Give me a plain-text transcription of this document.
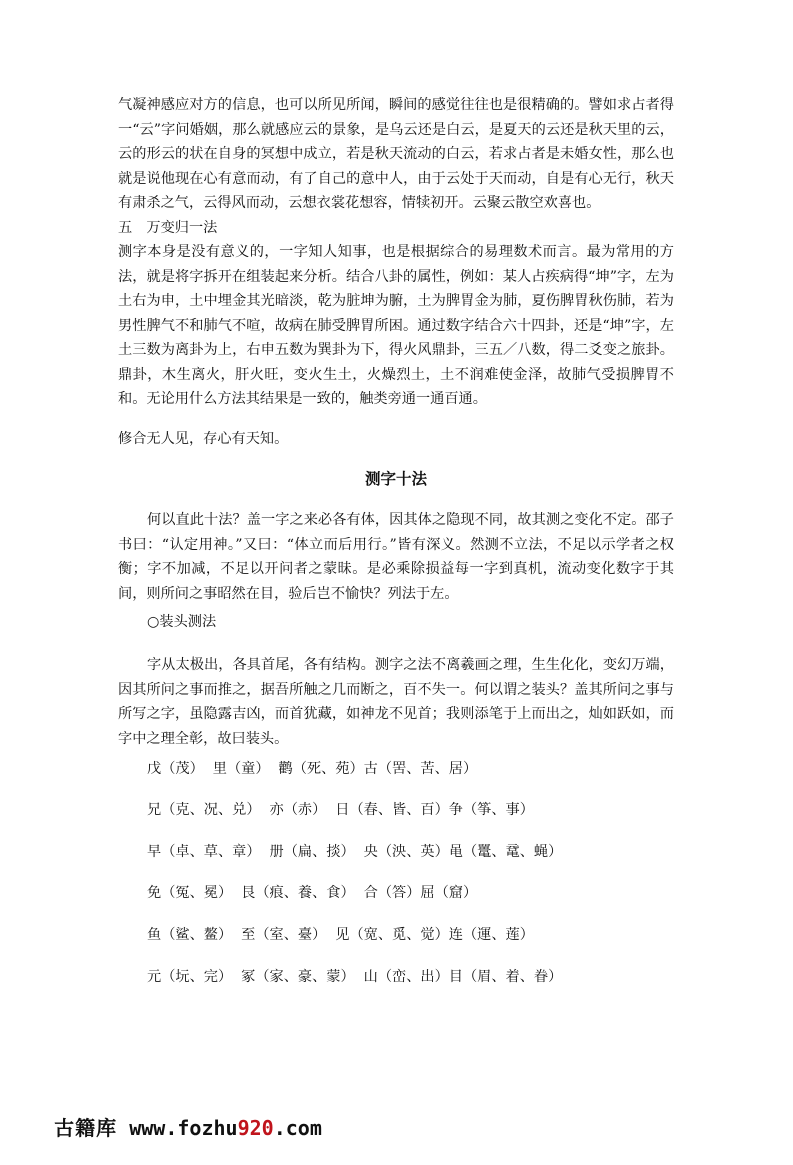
气凝神感应对方的信息，也可以所见所闻，瞬间的感觉往往也是很精确的。譬如求占者得一“云”字问婚姻，那么就感应云的景象，是乌云还是白云，是夏天的云还是秋天里的云，云的形云的状在自身的冥想中成立，若是秋天流动的白云，若求占者是未婚女性，那么也就是说他现在心有意而动，有了自己的意中人，由于云处于天而动，自是有心无行，秋天有肃杀之气，云得风而动，云想衣裳花想容，情犊初开。云聚云散空欢喜也。

五　万变归一法

测字本身是没有意义的，一字知人知事，也是根据综合的易理数术而言。最为常用的方法，就是将字拆开在组装起来分析。结合八卦的属性，例如：某人占疾病得“坤”字，左为土右为申，土中埋金其光暗淡，乾为脏坤为腑，土为脾胃金为肺，夏伤脾胃秋伤肺，若为男性脾气不和肺气不喧，故病在肺受脾胃所困。通过数字结合六十四卦，还是“坤”字，左土三数为离卦为上，右申五数为巽卦为下，得火风鼎卦，三五／八数，得二爻变之旅卦。鼎卦，木生离火，肝火旺，变火生土，火燥烈土，土不润难使金泽，故肺气受损脾胃不和。无论用什么方法其结果是一致的，触类旁通一通百通。

修合无人见，存心有天知。

测字十法

何以直此十法？盖一字之来必各有体，因其体之隐现不同，故其测之变化不定。邵子书曰：“认定用神。”又曰：“体立而后用行。”皆有深义。然测不立法，不足以示学者之权衡；字不加减，不足以开问者之蒙昧。是必乘除损益每一字到真机，流动变化数字于其间，则所问之事昭然在目，验后岂不愉快？列法于左。

○装头测法

字从太极出，各具首尾，各有结构。测字之法不离羲画之理，生生化化，变幻万端，因其所问之事而推之，据吾所触之几而断之，百不失一。何以谓之装头？盖其所问之事与所写之字，虽隐露吉凶，而首犹藏，如神龙不见首；我则添笔于上而出之，灿如跃如，而字中之理全彰，故曰装头。

戊（茂）  里（童）  鹳（死、苑）古（罟、苦、居）

兄（克、况、兑）  亦（赤）  日（春、皆、百）争（筝、事）

早（卓、草、章）  册（扁、掞）  央（泱、英）黾（鼍、鼋、蝇）

免（冤、冕）  艮（痕、養、食）  合（答）屈（窟）

鱼（鲨、鳌）  至（室、臺）  见（宽、觅、觉）连（運、莲）

元（坃、完）  冢（家、豪、蒙）  山（峦、出）目（眉、着、眷）

古籍库 www.fozhu920.com
